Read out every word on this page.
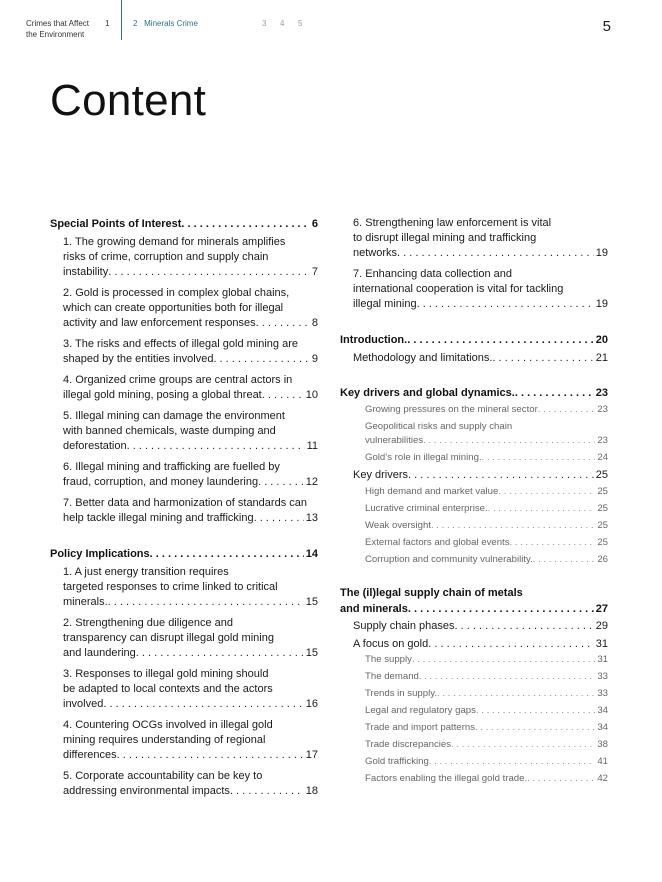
Crimes that Affect
the Environment
1	2 Minerals Crime	3 4 5	5
Content
Special Points of Interest . . .	6
1. The growing demand for minerals amplifies
risks of crime, corruption and supply chain
instability . . .	7
2. Gold is processed in complex global chains,
which can create opportunities both for illegal
activity and law enforcement responses . . .	8
3. The risks and effects of illegal gold mining are
shaped by the entities involved . . .	9
4. Organized crime groups are central actors in
illegal gold mining, posing a global threat . . .	10
5. Illegal mining can damage the environment
with banned chemicals, waste dumping and
deforestation . . .	11
6. Illegal mining and trafficking are fuelled by
fraud, corruption, and money laundering . . .	12
7. Better data and harmonization of standards can
help tackle illegal mining and trafficking . . .	13
Policy Implications . . .	14
1. A just energy transition requires
targeted responses to crime linked to critical
minerals. . . .	15
2. Strengthening due diligence and
transparency can disrupt illegal gold mining
and laundering . . .	15
3. Responses to illegal gold mining should
be adapted to local contexts and the actors
involved . . .	16
4. Countering OCGs involved in illegal gold
mining requires understanding of regional
differences . . .	17
5. Corporate accountability can be key to
addressing environmental impacts . . .	18
6. Strengthening law enforcement is vital
to disrupt illegal mining and trafficking
networks . . .	19
7. Enhancing data collection and
international cooperation is vital for tackling
illegal mining . . .	19
Introduction. . . .	20
Methodology and limitations. . . .	21
Key drivers and global dynamics. . . .	23
Growing pressures on the mineral sector . . .	23
Geopolitical risks and supply chain
vulnerabilities . . .	23
Gold’s role in illegal mining. . . .	24
Key drivers . . .	25
High demand and market value . . .	25
Lucrative criminal enterprise. . . .	25
Weak oversight . . .	25
External factors and global events . . .	25
Corruption and community vulnerability. . . .	26
The (il)legal supply chain of metals
and minerals . . .	27
Supply chain phases . . .	29
A focus on gold . . .	31
The supply . . .	31
The demand . . .	33
Trends in supply. . . .	33
Legal and regulatory gaps . . .	34
Trade and import patterns . . .	34
Trade discrepancies . . .	38
Gold trafficking . . .	41
Factors enabling the illegal gold trade. . . .	42
